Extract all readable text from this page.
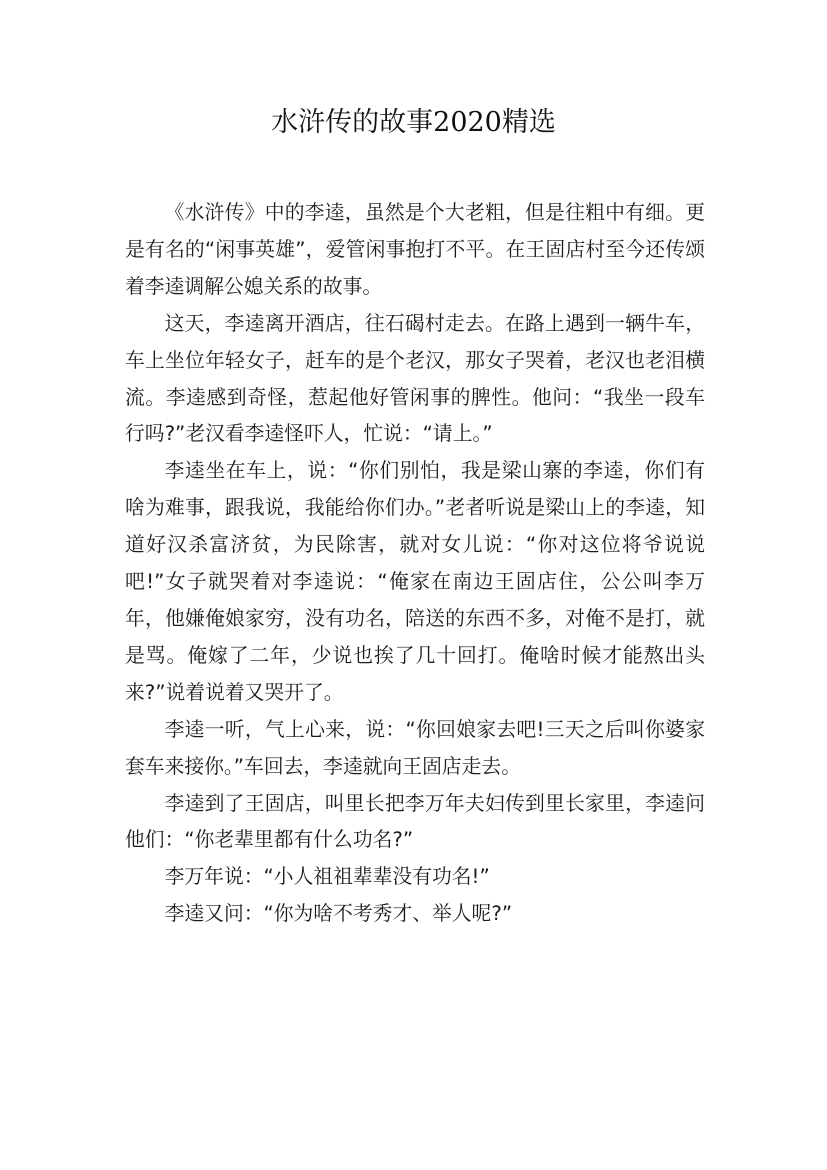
水浒传的故事2020精选

《水浒传》中的李逵，虽然是个大老粗，但是往粗中有细。更是有名的“闲事英雄”，爱管闲事抱打不平。在王固店村至今还传颂着李逵调解公媳关系的故事。

这天，李逵离开酒店，往石碣村走去。在路上遇到一辆牛车，车上坐位年轻女子，赶车的是个老汉，那女子哭着，老汉也老泪横流。李逵感到奇怪，惹起他好管闲事的脾性。他问：“我坐一段车行吗?”老汉看李逵怪吓人，忙说：“请上。”

李逵坐在车上，说：“你们别怕，我是梁山寨的李逵，你们有啥为难事，跟我说，我能给你们办。”老者听说是梁山上的李逵，知道好汉杀富济贫，为民除害，就对女儿说：“你对这位将爷说说吧!”女子就哭着对李逵说：“俺家在南边王固店住，公公叫李万年，他嫌俺娘家穷，没有功名，陪送的东西不多，对俺不是打，就是骂。俺嫁了二年，少说也挨了几十回打。俺啥时候才能熬出头来?”说着说着又哭开了。

李逵一听，气上心来，说：“你回娘家去吧!三天之后叫你婆家套车来接你。”车回去，李逵就向王固店走去。

李逵到了王固店，叫里长把李万年夫妇传到里长家里，李逵问他们：“你老辈里都有什么功名?”

李万年说：“小人祖祖辈辈没有功名!”

李逵又问：“你为啥不考秀才、举人呢?”
